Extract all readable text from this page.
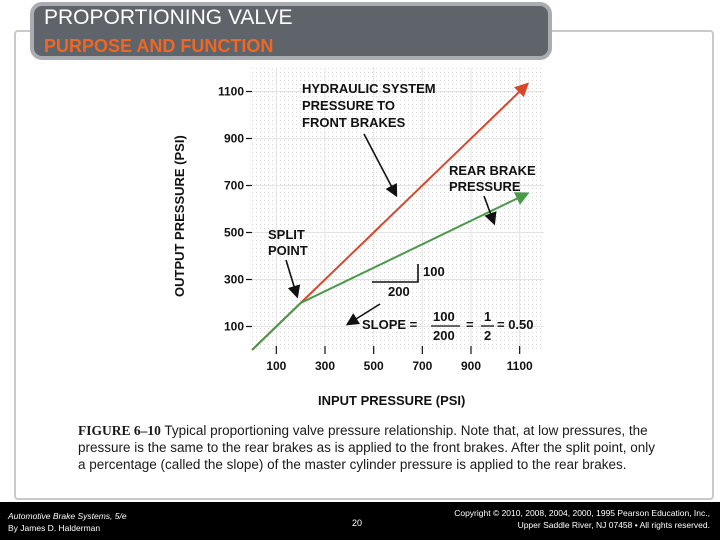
PROPORTIONING VALVE
PURPOSE AND FUNCTION
100
300
500
700
900
1100
100 300 500 700 900 1100
OUTPUT PRESSURE (PSI)
INPUT PRESSURE (PSI)
100
200
HYDRAULIC SYSTEM
PRESSURE TO
FRONT BRAKES
REAR BRAKE
PRESSURE
SPLIT
POINT
SLOPE =
100
200
=
1
2
= 0.50
FIGURE 6–10 Typical proportioning valve pressure relationship. Note that, at low pressures, the pressure is the same to the rear brakes as is applied to the front brakes. After the split point, only a percentage (called the slope) of the master cylinder pressure is applied to the rear brakes.
Automotive Brake Systems, 5/e
By James D. Halderman	20
Copyright © 2010, 2008, 2004, 2000, 1995 Pearson Education, Inc.,
Upper Saddle River, NJ 07458 • All rights reserved.
